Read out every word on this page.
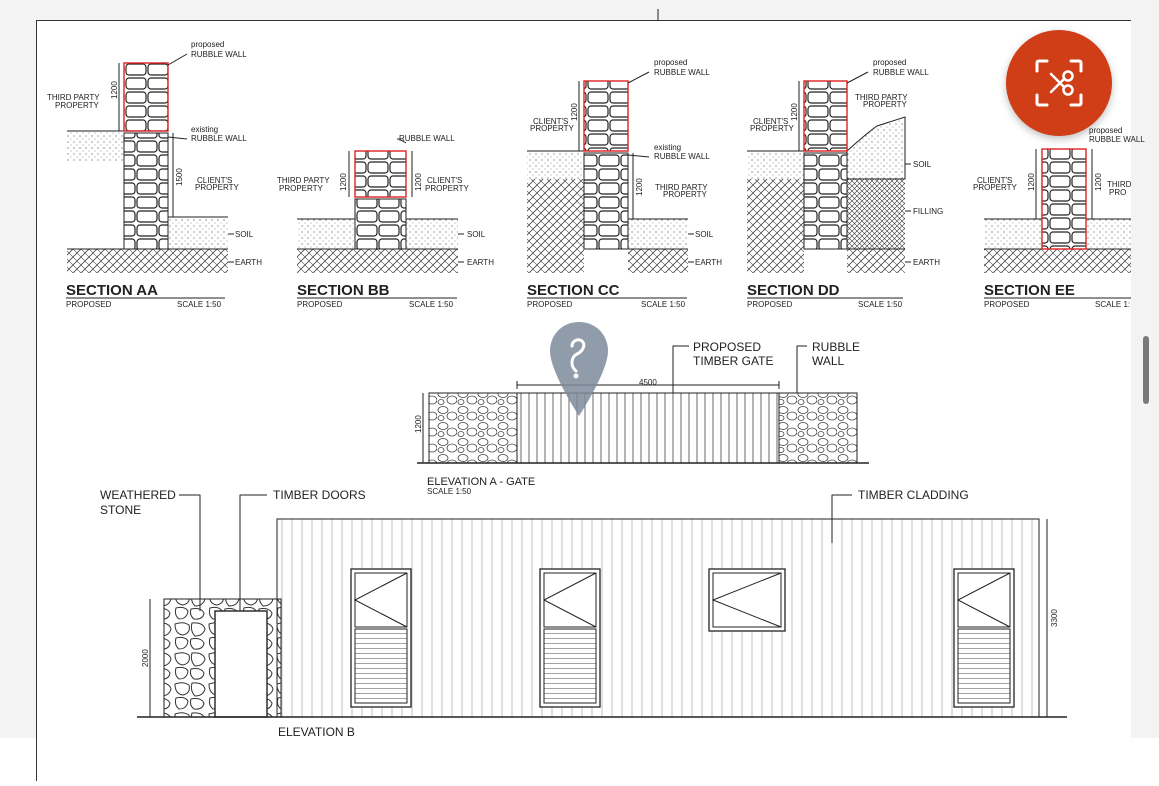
1200
1500
proposed
RUBBLE WALL
THIRD PARTY
PROPERTY
existing
RUBBLE WALL
CLIENT'S
PROPERTY
SOIL
EARTH
SECTION AA
PROPOSED	SCALE 1:50
1200	1200
RUBBLE WALL
THIRD PARTY
PROPERTY
CLIENT'S
PROPERTY
SOIL
EARTH
SECTION BB
PROPOSED	SCALE 1:50
1200
1200
proposed
RUBBLE WALL
CLIENT'S
PROPERTY
existing
RUBBLE WALL
THIRD PARTY
PROPERTY
SOIL
EARTH
SECTION CC
PROPOSED	SCALE 1:50
1200
proposed
RUBBLE WALL
CLIENT'S
PROPERTY
THIRD PARTY
PROPERTY
SOIL
FILLING
EARTH
SECTION DD
PROPOSED	SCALE 1:50
1200	1200
proposed
RUBBLE WALL
CLIENT'S
PROPERTY	THIRD
PRO
SECTION EE
PROPOSED	SCALE 1:
4500
1200
PROPOSED
TIMBER GATE
RUBBLE
WALL
ELEVATION A - GATE
SCALE 1:50
2000
3300
WEATHERED
STONE
TIMBER DOORS	TIMBER CLADDING
ELEVATION B
